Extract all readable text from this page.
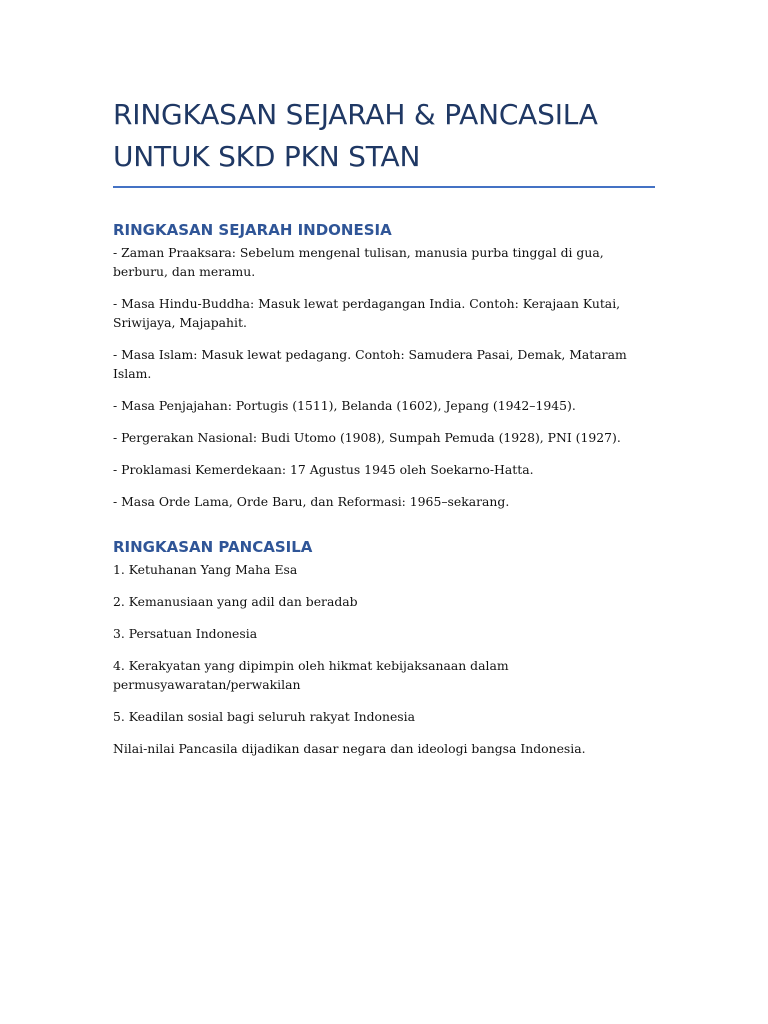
RINGKASAN SEJARAH & PANCASILA
UNTUK SKD PKN STAN
RINGKASAN SEJARAH INDONESIA

- Zaman Praaksara: Sebelum mengenal tulisan, manusia purba tinggal di gua, berburu, dan meramu.

- Masa Hindu-Buddha: Masuk lewat perdagangan India. Contoh: Kerajaan Kutai, Sriwijaya, Majapahit.

- Masa Islam: Masuk lewat pedagang. Contoh: Samudera Pasai, Demak, Mataram Islam.

- Masa Penjajahan: Portugis (1511), Belanda (1602), Jepang (1942–1945).

- Pergerakan Nasional: Budi Utomo (1908), Sumpah Pemuda (1928), PNI (1927).

- Proklamasi Kemerdekaan: 17 Agustus 1945 oleh Soekarno-Hatta.

- Masa Orde Lama, Orde Baru, dan Reformasi: 1965–sekarang.

RINGKASAN PANCASILA

1. Ketuhanan Yang Maha Esa

2. Kemanusiaan yang adil dan beradab

3. Persatuan Indonesia

4. Kerakyatan yang dipimpin oleh hikmat kebijaksanaan dalam permusyawaratan/perwakilan

5. Keadilan sosial bagi seluruh rakyat Indonesia

Nilai-nilai Pancasila dijadikan dasar negara dan ideologi bangsa Indonesia.
